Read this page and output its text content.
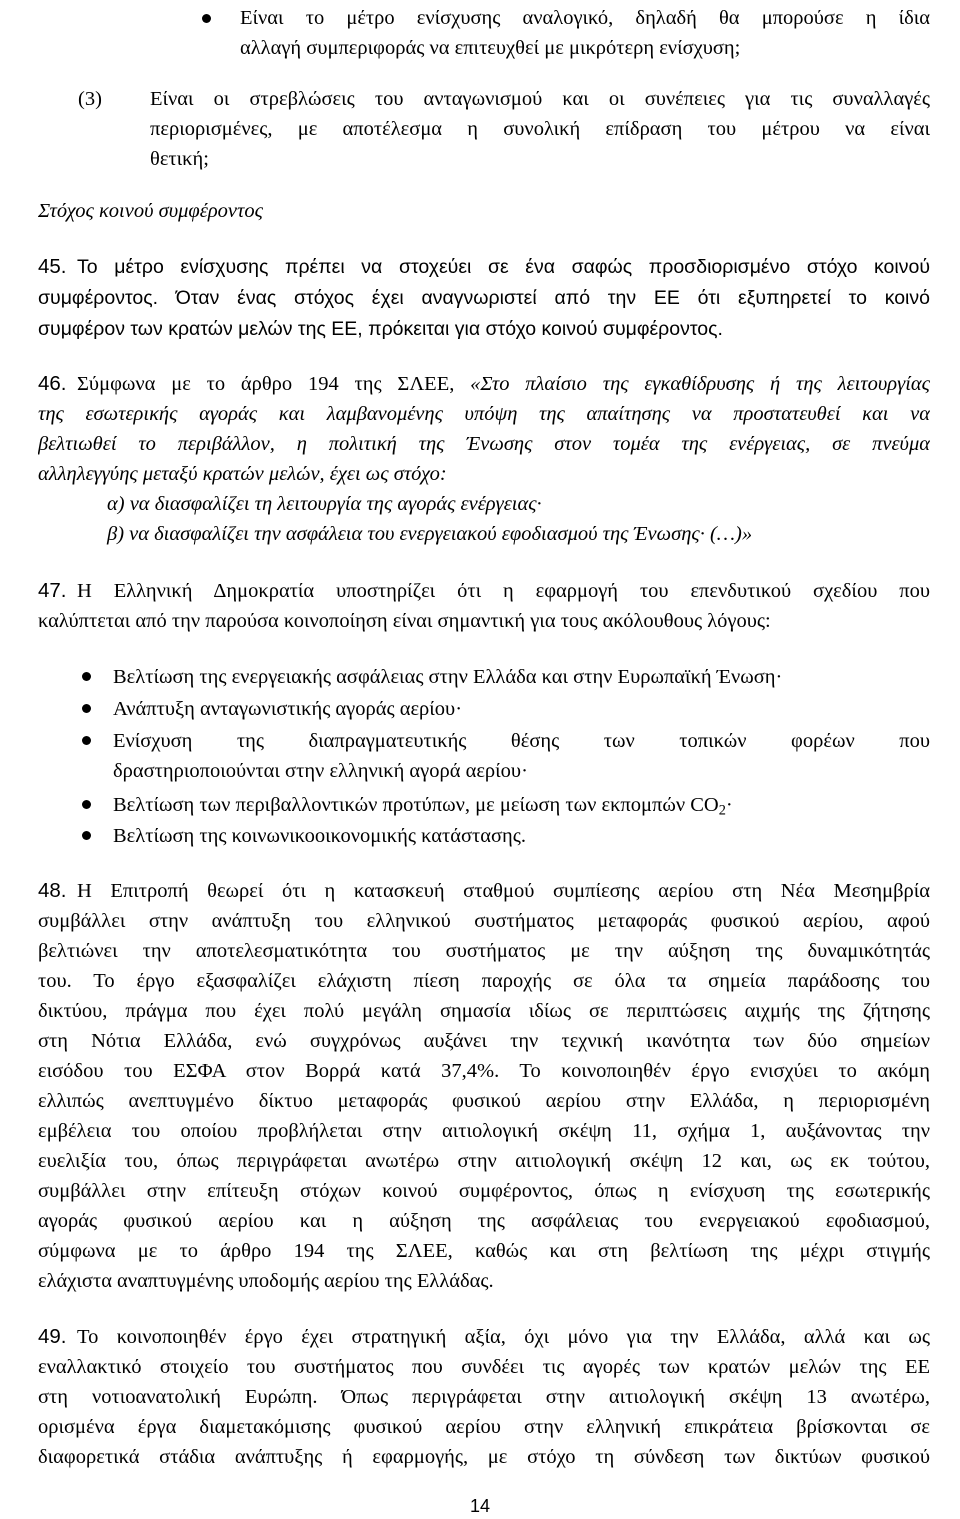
Είναι το μέτρο ενίσχυσης αναλογικό, δηλαδή θα μπορούσε η ίδια
αλλαγή συμπεριφοράς να επιτευχθεί με μικρότερη ενίσχυση;
(3) Είναι οι στρεβλώσεις του ανταγωνισμού και οι συνέπειες για τις συναλλαγές
περιορισμένες, με αποτέλεσμα η συνολική επίδραση του μέτρου να είναι
θετική;
Στόχος κοινού συμφέροντος
45. Το μέτρο ενίσχυσης πρέπει να στοχεύει σε ένα σαφώς προσδιορισμένο στόχο κοινού
συμφέροντος. Όταν ένας στόχος έχει αναγνωριστεί από την ΕΕ ότι εξυπηρετεί το κοινό
συμφέρον των κρατών μελών της ΕΕ, πρόκειται για στόχο κοινού συμφέροντος.
46. Σύμφωνα με το άρθρο 194 της ΣΛΕΕ, «Στο πλαίσιο της εγκαθίδρυσης ή της λειτουργίας
της εσωτερικής αγοράς και λαμβανομένης υπόψη της απαίτησης να προστατευθεί και να
βελτιωθεί το περιβάλλον, η πολιτική της Ένωσης στον τομέα της ενέργειας, σε πνεύμα
αλληλεγγύης μεταξύ κρατών μελών, έχει ως στόχο:
α) να διασφαλίζει τη λειτουργία της αγοράς ενέργειας·
β) να διασφαλίζει την ασφάλεια του ενεργειακού εφοδιασμού της Ένωσης· (…)»
47. Η Ελληνική Δημοκρατία υποστηρίζει ότι η εφαρμογή του επενδυτικού σχεδίου που
καλύπτεται από την παρούσα κοινοποίηση είναι σημαντική για τους ακόλουθους λόγους:
Βελτίωση της ενεργειακής ασφάλειας στην Ελλάδα και στην Ευρωπαϊκή Ένωση·
Ανάπτυξη ανταγωνιστικής αγοράς αερίου·
Ενίσχυση της διαπραγματευτικής θέσης των τοπικών φορέων που
δραστηριοποιούνται στην ελληνική αγορά αερίου·
Βελτίωση των περιβαλλοντικών προτύπων, με μείωση των εκπομπών $CO_2\cdot$
Βελτίωση της κοινωνικοοικονομικής κατάστασης.
48. Η Επιτροπή θεωρεί ότι η κατασκευή σταθμού συμπίεσης αερίου στη Νέα Μεσημβρία
συμβάλλει στην ανάπτυξη του ελληνικού συστήματος μεταφοράς φυσικού αερίου, αφού
βελτιώνει την αποτελεσματικότητα του συστήματος με την αύξηση της δυναμικότητάς
του. Το έργο εξασφαλίζει ελάχιστη πίεση παροχής σε όλα τα σημεία παράδοσης του
δικτύου, πράγμα που έχει πολύ μεγάλη σημασία ιδίως σε περιπτώσεις αιχμής της ζήτησης
στη Νότια Ελλάδα, ενώ συγχρόνως αυξάνει την τεχνική ικανότητα των δύο σημείων
εισόδου του ΕΣΦΑ στον Βορρά κατά 37,4%. Το κοινοποιηθέν έργο ενισχύει το ακόμη
ελλιπώς ανεπτυγμένο δίκτυο μεταφοράς φυσικού αερίου στην Ελλάδα, η περιορισμένη
εμβέλεια του οποίου προβλήλεται στην αιτιολογική σκέψη 11, σχήμα 1, αυξάνοντας την
ευελιξία του, όπως περιγράφεται ανωτέρω στην αιτιολογική σκέψη 12 και, ως εκ τούτου,
συμβάλλει στην επίτευξη στόχων κοινού συμφέροντος, όπως η ενίσχυση της εσωτερικής
αγοράς φυσικού αερίου και η αύξηση της ασφάλειας του ενεργειακού εφοδιασμού,
σύμφωνα με το άρθρο 194 της ΣΛΕΕ, καθώς και στη βελτίωση της μέχρι στιγμής
ελάχιστα αναπτυγμένης υποδομής αερίου της Ελλάδας.
49. Το κοινοποιηθέν έργο έχει στρατηγική αξία, όχι μόνο για την Ελλάδα, αλλά και ως
εναλλακτικό στοιχείο του συστήματος που συνδέει τις αγορές των κρατών μελών της ΕΕ
στη νοτιοανατολική Ευρώπη. Όπως περιγράφεται στην αιτιολογική σκέψη 13 ανωτέρω,
ορισμένα έργα διαμετακόμισης φυσικού αερίου στην ελληνική επικράτεια βρίσκονται σε
διαφορετικά στάδια ανάπτυξης ή εφαρμογής, με στόχο τη σύνδεση των δικτύων φυσικού
14
